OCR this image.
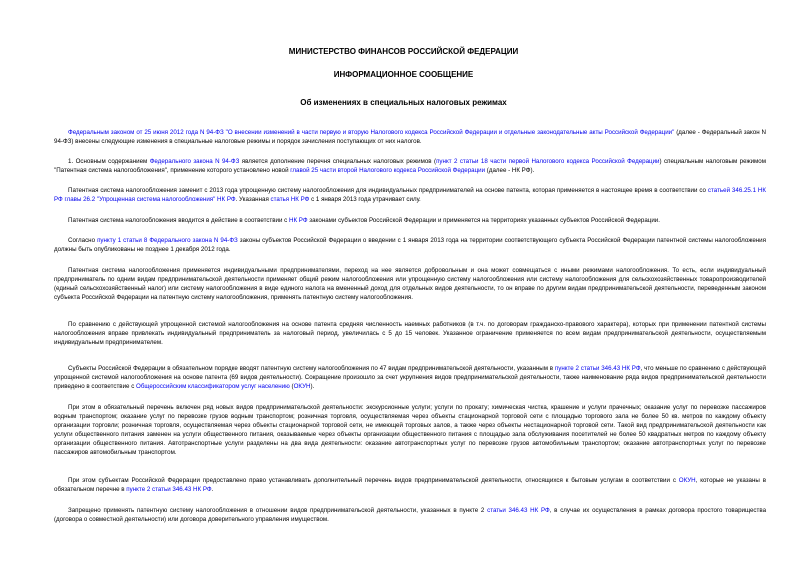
МИНИСТЕРСТВО ФИНАНСОВ РОССИЙСКОЙ ФЕДЕРАЦИИ
ИНФОРМАЦИОННОЕ СООБЩЕНИЕ
Об изменениях в специальных налоговых режимах
Федеральным законом от 25 июня 2012 года N 94-ФЗ "О внесении изменений в части первую и вторую Налогового кодекса Российской Федерации и отдельные законодательные акты Российской Федерации" (далее - Федеральный закон N 94-ФЗ) внесены следующие изменения в специальные налоговые режимы и порядок зачисления поступающих от них налогов.
1. Основным содержанием Федерального закона N 94-ФЗ является дополнение перечня специальных налоговых режимов (пункт 2 статьи 18 части первой Налогового кодекса Российской Федерации) специальным налоговым режимом "Патентная система налогообложения", применение которого установлено новой главой 25 части второй Налогового кодекса Российской Федерации (далее - НК РФ).
Патентная система налогообложения заменит с 2013 года упрощенную систему налогообложения для индивидуальных предпринимателей на основе патента, которая применяется в настоящее время в соответствии со статьей 346.25.1 НК РФ главы 26.2 "Упрощенная система налогообложения" НК РФ. Указанная статья НК РФ с 1 января 2013 года утрачивает силу.
Патентная система налогообложения вводится в действие в соответствии с НК РФ законами субъектов Российской Федерации и применяется на территориях указанных субъектов Российской Федерации.
Согласно пункту 1 статьи 8 Федерального закона N 94-ФЗ законы субъектов Российской Федерации о введении с 1 января 2013 года на территории соответствующего субъекта Российской Федерации патентной системы налогообложения должны быть опубликованы не позднее 1 декабря 2012 года.
Патентная система налогообложения применяется индивидуальными предпринимателями, переход на нее является добровольным и она может совмещаться с иными режимами налогообложения. То есть, если индивидуальный предприниматель по одним видам предпринимательской деятельности применяет общий режим налогообложения или упрощенную систему налогообложения или систему налогообложения для сельскохозяйственных товаропроизводителей (единый сельскохозяйственный налог) или систему налогообложения в виде единого налога на вмененный доход для отдельных видов деятельности, то он вправе по другим видам предпринимательской деятельности, переведенным законом субъекта Российской Федерации на патентную систему налогообложения, применять патентную систему налогообложения.
По сравнению с действующей упрощенной системой налогообложения на основе патента средняя численность наемных работников (в т.ч. по договорам гражданско-правового характера), которых при применении патентной системы налогообложения вправе привлекать индивидуальный предприниматель за налоговый период, увеличилась с 5 до 15 человек. Указанное ограничение применяется по всем видам предпринимательской деятельности, осуществляемым индивидуальным предпринимателем.
Субъекты Российской Федерации в обязательном порядке вводят патентную систему налогообложения по 47 видам предпринимательской деятельности, указанным в пункте 2 статьи 346.43 НК РФ, что меньше по сравнению с действующей упрощенной системой налогообложения на основе патента (69 видов деятельности). Сокращение произошло за счет укрупнения видов предпринимательской деятельности, также наименование ряда видов предпринимательской деятельности приведено в соответствие с Общероссийским классификатором услуг населению (ОКУН).
При этом в обязательный перечень включен ряд новых видов предпринимательской деятельности: экскурсионные услуги; услуги по прокату; химическая чистка, крашение и услуги прачечных; оказание услуг по перевозке пассажиров водным транспортом; оказание услуг по перевозке грузов водным транспортом; розничная торговля, осуществляемая через объекты стационарной торговой сети с площадью торгового зала не более 50 кв. метров по каждому объекту организации торговли; розничная торговля, осуществляемая через объекты стационарной торговой сети, не имеющей торговых залов, а также через объекты нестационарной торговой сети. Такой вид предпринимательской деятельности как услуги общественного питания заменен на услуги общественного питания, оказываемые через объекты организации общественного питания с площадью зала обслуживания посетителей не более 50 квадратных метров по каждому объекту организации общественного питания. Автотранспортные услуги разделены на два вида деятельности: оказание автотранспортных услуг по перевозке грузов автомобильным транспортом; оказание автотранспортных услуг по перевозке пассажиров автомобильным транспортом.
При этом субъектам Российской Федерации предоставлено право устанавливать дополнительный перечень видов предпринимательской деятельности, относящихся к бытовым услугам в соответствии с ОКУН, которые не указаны в обязательном перечне в пункте 2 статьи 346.43 НК РФ.
Запрещено применять патентную систему налогообложения в отношении видов предпринимательской деятельности, указанных в пункте 2 статьи 346.43 НК РФ, в случае их осуществления в рамках договора простого товарищества (договора о совместной деятельности) или договора доверительного управления имуществом.
